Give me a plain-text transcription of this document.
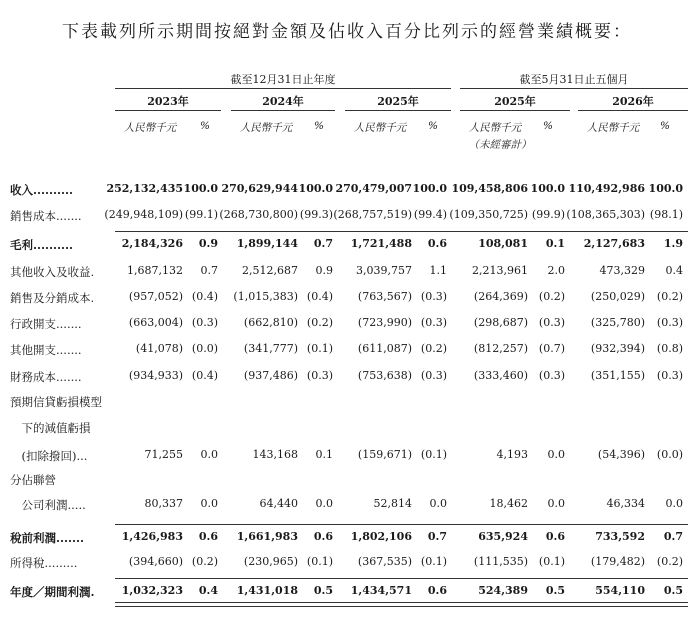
下表載列所示期間按絕對金額及佔收入百分比列示的經營業績概要：
截至12月31日止年度	截至5月31日止五個月
2023年	2024年	2025年	2025年	2026年
人民幣千元	%	人民幣千元	%	人民幣千元	%	人民幣千元	%	人民幣千元	%
（未經審計）
收入..........	252,132,435 100.0 270,629,944 100.0 270,479,007 100.0 109,458,806 100.0 110,492,986 100.0
銷售成本....... (249,948,109) (99.1) (268,730,800) (99.3) (268,757,519) (99.4) (109,350,725) (99.9) (108,365,303) (98.1)
毛利..........	2,184,326 0.9 1,899,144 0.7 1,721,488 0.6	108,081 0.1 2,127,683 1.9
其他收入及收益.	1,687,132 0.7 2,512,687 0.9 3,039,757 1.1 2,213,961 2.0	473,329 0.4
銷售及分銷成本.	(957,052) (0.4) (1,015,383) (0.4) (763,567) (0.3) (264,369) (0.2) (250,029) (0.2)
行政開支.......	(663,004) (0.3) (662,810) (0.2) (723,990) (0.3) (298,687) (0.3) (325,780) (0.3)
其他開支.......	(41,078) (0.0) (341,777) (0.1) (611,087) (0.2) (812,257) (0.7) (932,394) (0.8)
財務成本.......	(934,933) (0.4) (937,486) (0.3) (753,638) (0.3) (333,460) (0.3) (351,155) (0.3)
預期信貸虧損模型
　下的減值虧損
　(扣除撥回)...	71,255 0.0	143,168 0.1 (159,671) (0.1)	4,193 0.0	(54,396) (0.0)
分佔聯營
　公司利潤.....	80,337 0.0	64,440 0.0	52,814 0.0	18,462 0.0	46,334 0.0
稅前利潤.......	1,426,983 0.6 1,661,983 0.6 1,802,106 0.7	635,924 0.6	733,592 0.7
所得稅.........	(394,660) (0.2) (230,965) (0.1) (367,535) (0.1) (111,535) (0.1) (179,482) (0.2)
年度／期間利潤. 1,032,323 0.4 1,431,018 0.5 1,434,571 0.6	524,389 0.5	554,110 0.5
